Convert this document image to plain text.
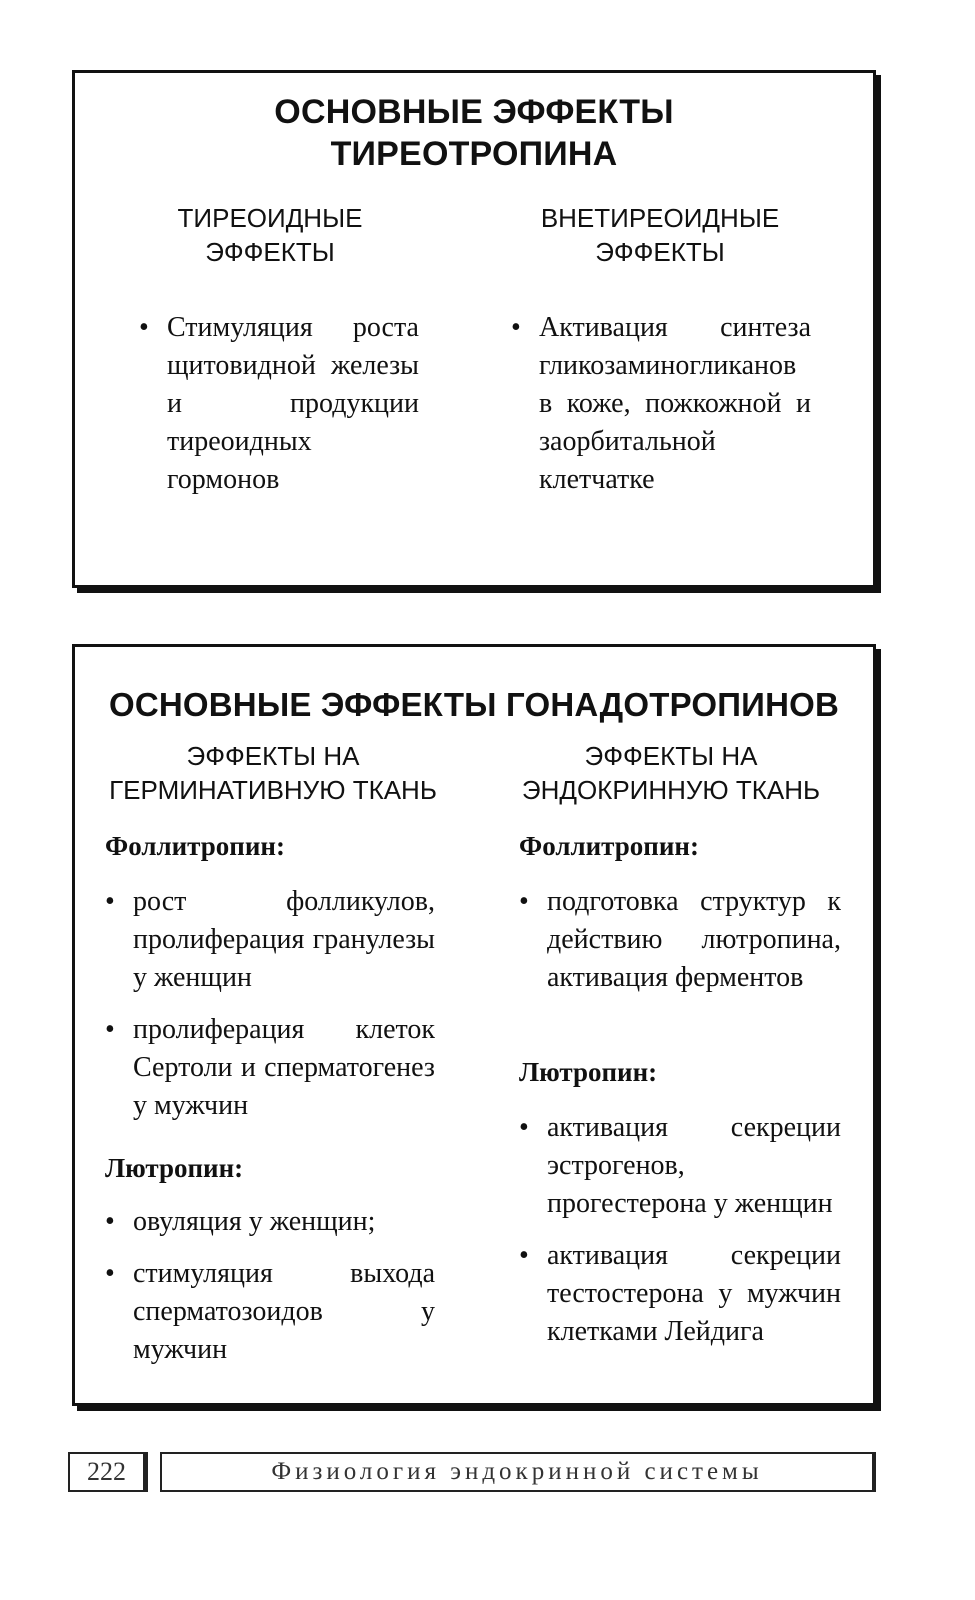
ОСНОВНЫЕ ЭФФЕКТЫ ТИРЕОТРОПИНА
ТИРЕОИДНЫЕ ЭФФЕКТЫ
ВНЕТИРЕОИДНЫЕ ЭФФЕКТЫ
• Стимуляция роста щитовидной железы и продукции тиреоидных гормонов
• Активация синтеза гликозаминогликанов в коже, пожкожной и заорбитальной клетчатке
ОСНОВНЫЕ ЭФФЕКТЫ ГОНАДОТРОПИНОВ
ЭФФЕКТЫ НА ГЕРМИНАТИВНУЮ ТКАНЬ
ЭФФЕКТЫ НА ЭНДОКРИННУЮ ТКАНЬ
Фоллитропин:
• рост фолликулов, пролиферация гранулезы у женщин
• пролиферация клеток Сертоли и сперматогенез у мужчин
Лютропин:
• овуляция у женщин;
• стимуляция выхода сперматозоидов у мужчин
Фоллитропин:
• подготовка структур к действию лютропина, активация ферментов
Лютропин:
• активация секреции эстрогенов, прогестерона у женщин
• активация секреции тестостерона у мужчин клетками Лейдига
222	Физиология эндокринной системы
